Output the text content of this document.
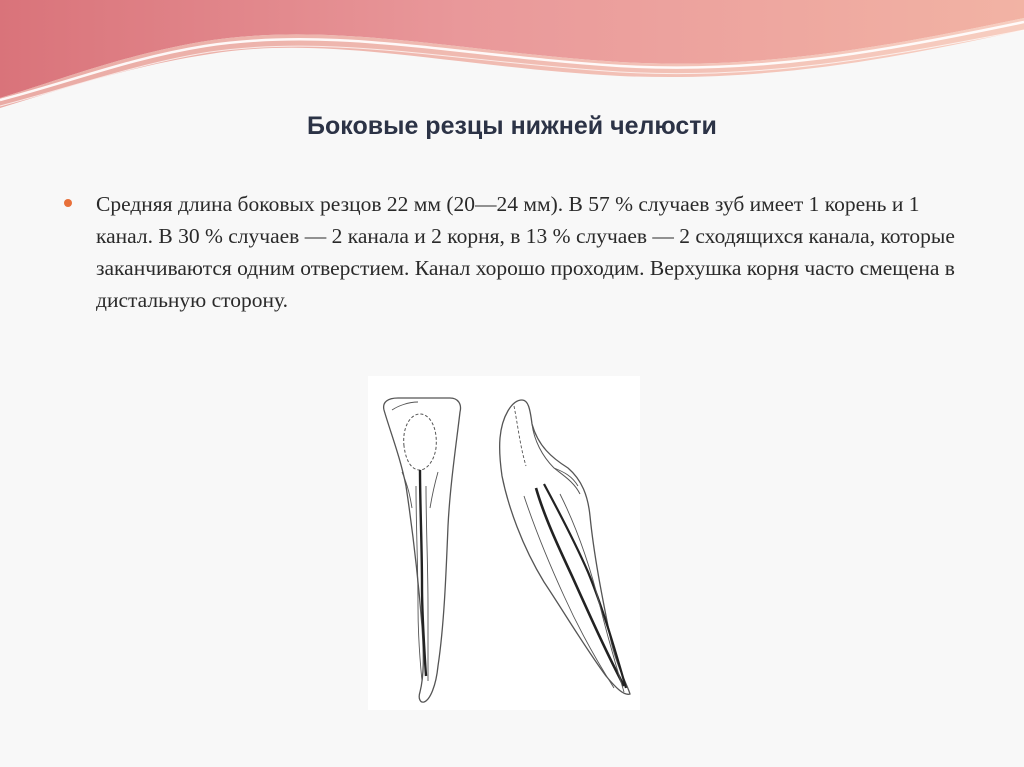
Боковые резцы нижней челюсти

Средняя длина боковых резцов 22 мм (20—24 мм). В 57 % случаев зуб имеет 1 корень и 1 канал. В 30 % случаев — 2 канала и 2 корня, в 13 % случаев — 2 сходящихся канала, которые заканчиваются одним отверстием. Канал хорошо проходим. Верхушка корня часто смещена в дистальную сторону.
